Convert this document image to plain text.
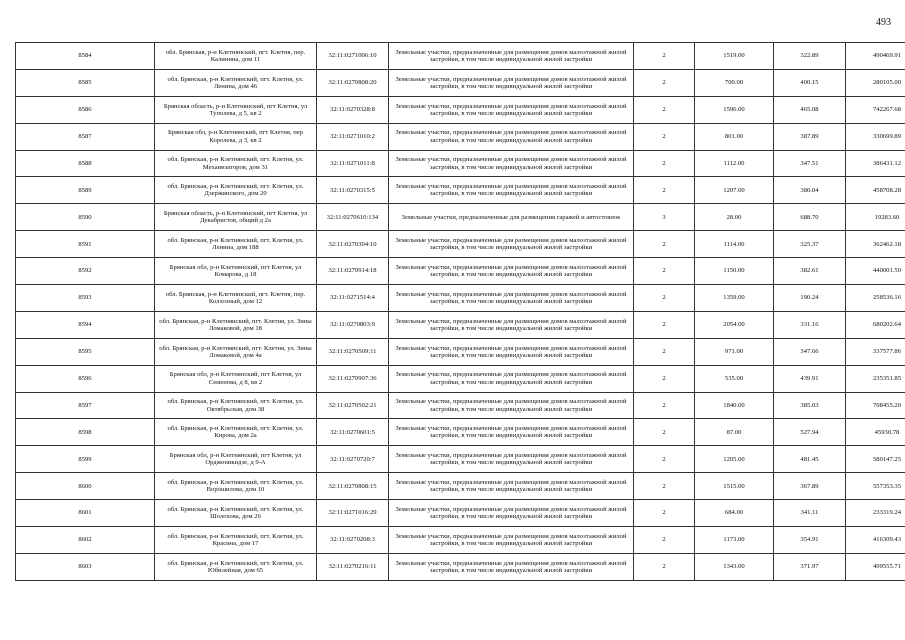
493
8584	обл. Брянская, р-н Клетнянский, пгт. Клетня, пер. Калинина, дом 11	32:11:0271006:10	Земельные участки, предназначенные для размещения домов малоэтажной жилой застройки, в том числе индивидуальной жилой застройки	2	1519.00	322.89	490469.91
8585	обл. Брянская, р-н Клетнянский, пгт. Клетня, ул. Ленина, дом 46	32:11:0270808:20	Земельные участки, предназначенные для размещения домов малоэтажной жилой застройки, в том числе индивидуальной жилой застройки	2	700.00	400.15	280105.00
8586	Брянская область, р-н Клетнянский, пгт Клетня, ул Туполева, д 5, кв 2	32:11:0270328:8	Земельные участки, предназначенные для размещения домов малоэтажной жилой застройки, в том числе индивидуальной жилой застройки	2	1596.00	465.08	742267.68
8587	Брянская обл, р-н Клетнянский, пгт Клетня, пер Королева, д 3, кв 2	32:11:0271010:2	Земельные участки, предназначенные для размещения домов малоэтажной жилой застройки, в том числе индивидуальной жилой застройки	2	801.00	387.89	330699.89
8588	обл. Брянская, р-н Клетнянский, пгт. Клетня, ул. Механизаторов, дом 31	32:11:0271011:8	Земельные участки, предназначенные для размещения домов малоэтажной жилой застройки, в том числе индивидуальной жилой застройки	2	1112.00	347.51	386431.12
8589	обл. Брянская, р-н Клетнянский, пгт. Клетня, ул. Дзержинского, дом 20	32:11:0270315:5	Земельные участки, предназначенные для размещения домов малоэтажной жилой застройки, в том числе индивидуальной жилой застройки	2	1207.00	380.04	458708.28
8590	Брянская область, р-н Клетнянский, пгт Клетня, ул Декабристов, общий д 2а	32:11:0270610:134	Земельные участки, предназначенные для размещения гаражей и автостоянок	3	28.00	688.70	19283.60
8591	обл. Брянская, р-н Клетнянский, пгт. Клетня, ул. Ленина, дом 188	32:11:0270304:10	Земельные участки, предназначенные для размещения домов малоэтажной жилой застройки, в том числе индивидуальной жилой застройки	2	1114.00	325.37	362462.18
8592	Брянская обл, р-н Клетнянский, пгт Клетня, ул Комарова, д 18	32:11:0270914:18	Земельные участки, предназначенные для размещения домов малоэтажной жилой застройки, в том числе индивидуальной жилой застройки	2	1150.00	382.61	440001.50
8593	обл. Брянская, р-н Клетнянский, пгт. Клетня, пер. Колхозный, дом 12	32:11:0271514:4	Земельные участки, предназначенные для размещения домов малоэтажной жилой застройки, в том числе индивидуальной жилой застройки	2	1359.00	190.24	258536.16
8594	обл. Брянская, р-н Клетнянский, пгт. Клетня, ул. Зины Ломаковой, дом 18	32:11:0270803:9	Земельные участки, предназначенные для размещения домов малоэтажной жилой застройки, в том числе индивидуальной жилой застройки	2	2054.00	331.16	680202.64
8595	обл. Брянская, р-н Клетнянский, пгт. Клетня, ул. Зины Ломаковой, дом 4а	32:11:0270509:11	Земельные участки, предназначенные для размещения домов малоэтажной жилой застройки, в том числе индивидуальной жилой застройки	2	971.00	347.66	337577.86
8596	Брянская обл, р-н Клетнянский, пгт Клетня, ул Семенова, д 8, кв 2	32:11:0270907:36	Земельные участки, предназначенные для размещения домов малоэтажной жилой застройки, в том числе индивидуальной жилой застройки	2	535.00	439.91	235351.85
8597	обл. Брянская, р-н Клетнянский, пгт. Клетня, ул. Октябрьская, дом 38	32:11:0270502:21	Земельные участки, предназначенные для размещения домов малоэтажной жилой застройки, в том числе индивидуальной жилой застройки	2	1840.00	385.03	708455.20
8598	обл. Брянская, р-н Клетнянский, пгт. Клетня, ул. Кирова, дом 2а	32:11:0270601:5	Земельные участки, предназначенные для размещения домов малоэтажной жилой застройки, в том числе индивидуальной жилой застройки	2	87.00	527.94	45930.78
8599	Брянская обл, р-н Клетнянский, пгт Клетня, ул Орджоникидзе, д 9-А	32:11:0270720:7	Земельные участки, предназначенные для размещения домов малоэтажной жилой застройки, в том числе индивидуальной жилой застройки	2	1205.00	481.45	580147.25
8600	обл. Брянская, р-н Клетнянский, пгт. Клетня, ул. Ворошилова, дом 10	32:11:0270808:15	Земельные участки, предназначенные для размещения домов малоэтажной жилой застройки, в том числе индивидуальной жилой застройки	2	1515.00	367.89	557353.35
8601	обл. Брянская, р-н Клетнянский, пгт. Клетня, ул. Шолохова, дом 26	32:11:0271016:29	Земельные участки, предназначенные для размещения домов малоэтажной жилой застройки, в том числе индивидуальной жилой застройки	2	684.00	341.11	233319.24
8602	обл. Брянская, р-н Клетнянский, пгт. Клетня, ул. Красина, дом 17	32:11:0270208:3	Земельные участки, предназначенные для размещения домов малоэтажной жилой застройки, в том числе индивидуальной жилой застройки	2	1173.00	354.91	416309.43
8603	обл. Брянская, р-н Клетнянский, пгт. Клетня, ул. Юбилейная, дом 65	32:11:0270216:11	Земельные участки, предназначенные для размещения домов малоэтажной жилой застройки, в том числе индивидуальной жилой застройки	2	1343.00	371.97	499555.71
